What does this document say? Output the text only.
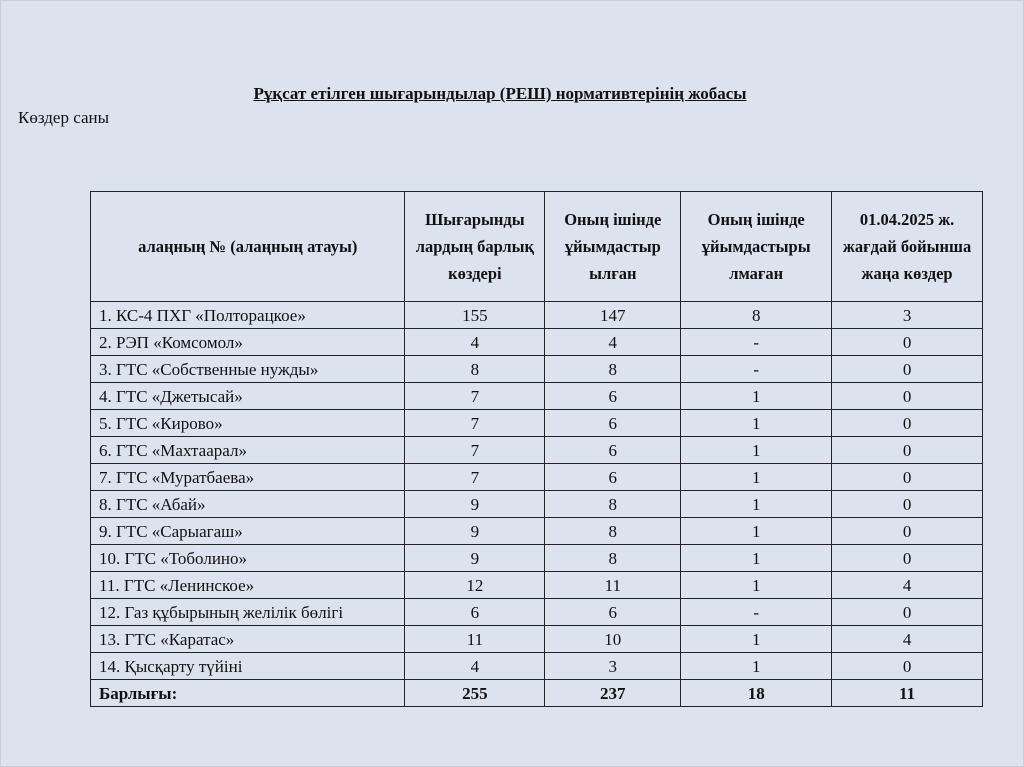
Рұқсат етілген шығарындылар (РЕШ) нормативтерінің жобасы
Көздер саны
алаңның № (алаңның атауы)	Шығарынды лардың барлық көздері	Оның ішінде ұйымдастыр ылған	Оның ішінде ұйымдастыры лмаған	01.04.2025 ж. жағдай бойынша жаңа көздер
1. КС-4 ПХГ «Полторацкое»	155	147	8	3
2. РЭП «Комсомол»	4	4	-	0
3. ГТС «Собственные нужды»	8	8	-	0
4. ГТС «Джетысай»	7	6	1	0
5. ГТС «Кирово»	7	6	1	0
6. ГТС «Махтаарал»	7	6	1	0
7. ГТС «Муратбаева»	7	6	1	0
8. ГТС «Абай»	9	8	1	0
9. ГТС «Сарыагаш»	9	8	1	0
10. ГТС «Тоболино»	9	8	1	0
11. ГТС «Ленинское»	12	11	1	4
12. Газ құбырының желілік бөлігі	6	6	-	0
13. ГТС «Каратас»	11	10	1	4
14. Қысқарту түйіні	4	3	1	0
Барлығы:	255	237	18	11
